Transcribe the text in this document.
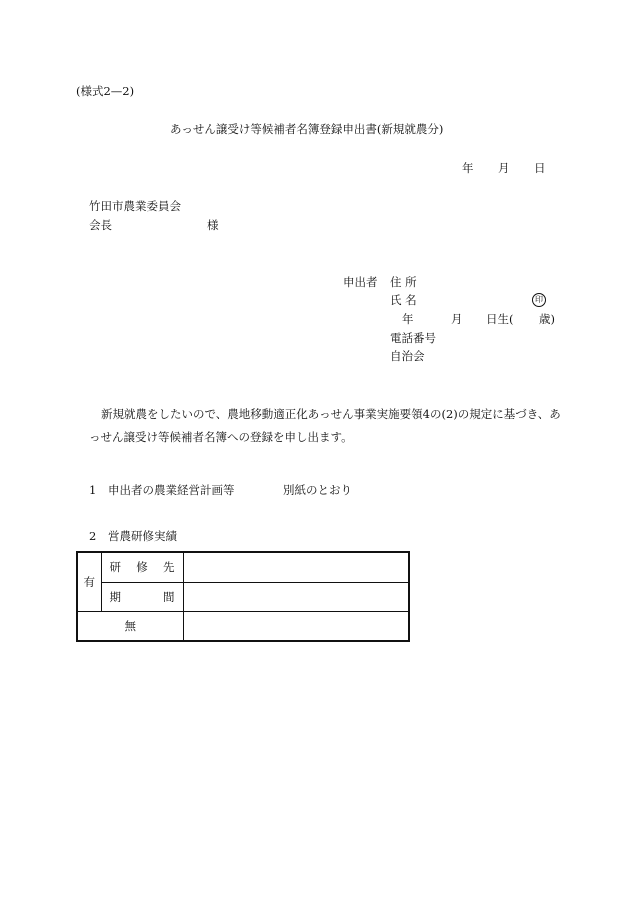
(様式2—2)
あっせん譲受け等候補者名簿登録申出書(新規就農分)
年 月 日
竹田市農業委員会
会長	様
申出者 住 所
氏 名	印
年	月 日生( 歳)
電話番号
自治会
新規就農をしたいので、農地移動適正化あっせん事業実施要領4の(2)の規定に基づき、あっせん譲受け等候補者名簿への登録を申し出ます。
1 申出者の農業経営計画等	別紙のとおり
2 営農研修実績
有	研修先	
	期間	
無		
